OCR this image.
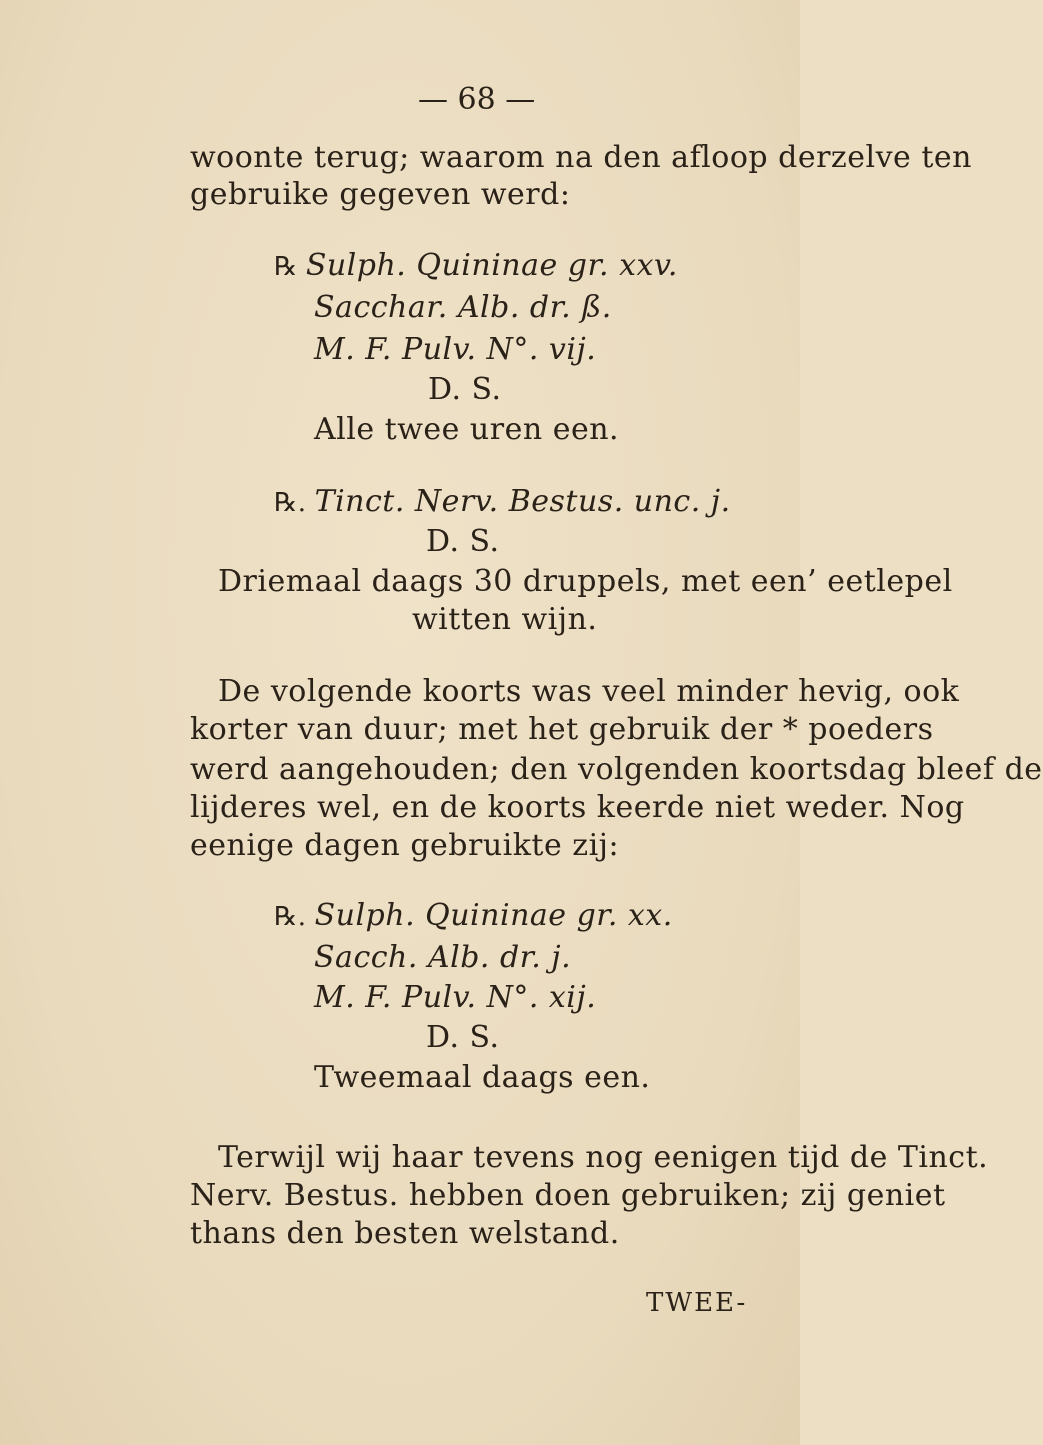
— 68 —
woonte terug; waarom na den afloop derzelve ten
gebruike gegeven werd:
℞ Sulph. Quininae gr. xxv.
Sacchar. Alb. dr. ß.
M. F. Pulv. N°. vij.
D. S.
Alle twee uren een.
℞. Tinct. Nerv. Bestus. unc. j.
D. S.
Driemaal daags 30 druppels, met een’ eetlepel
witten wijn.
De volgende koorts was veel minder hevig, ook
korter van duur; met het gebruik der * poeders
werd aangehouden; den volgenden koortsdag bleef de
lijderes wel, en de koorts keerde niet weder. Nog
eenige dagen gebruikte zij:
℞. Sulph. Quininae gr. xx.
Sacch. Alb. dr. j.
M. F. Pulv. N°. xij.
D. S.
Tweemaal daags een.
Terwijl wij haar tevens nog eenigen tijd de Tinct.
Nerv. Bestus. hebben doen gebruiken; zij geniet
thans den besten welstand.
TWEE-
